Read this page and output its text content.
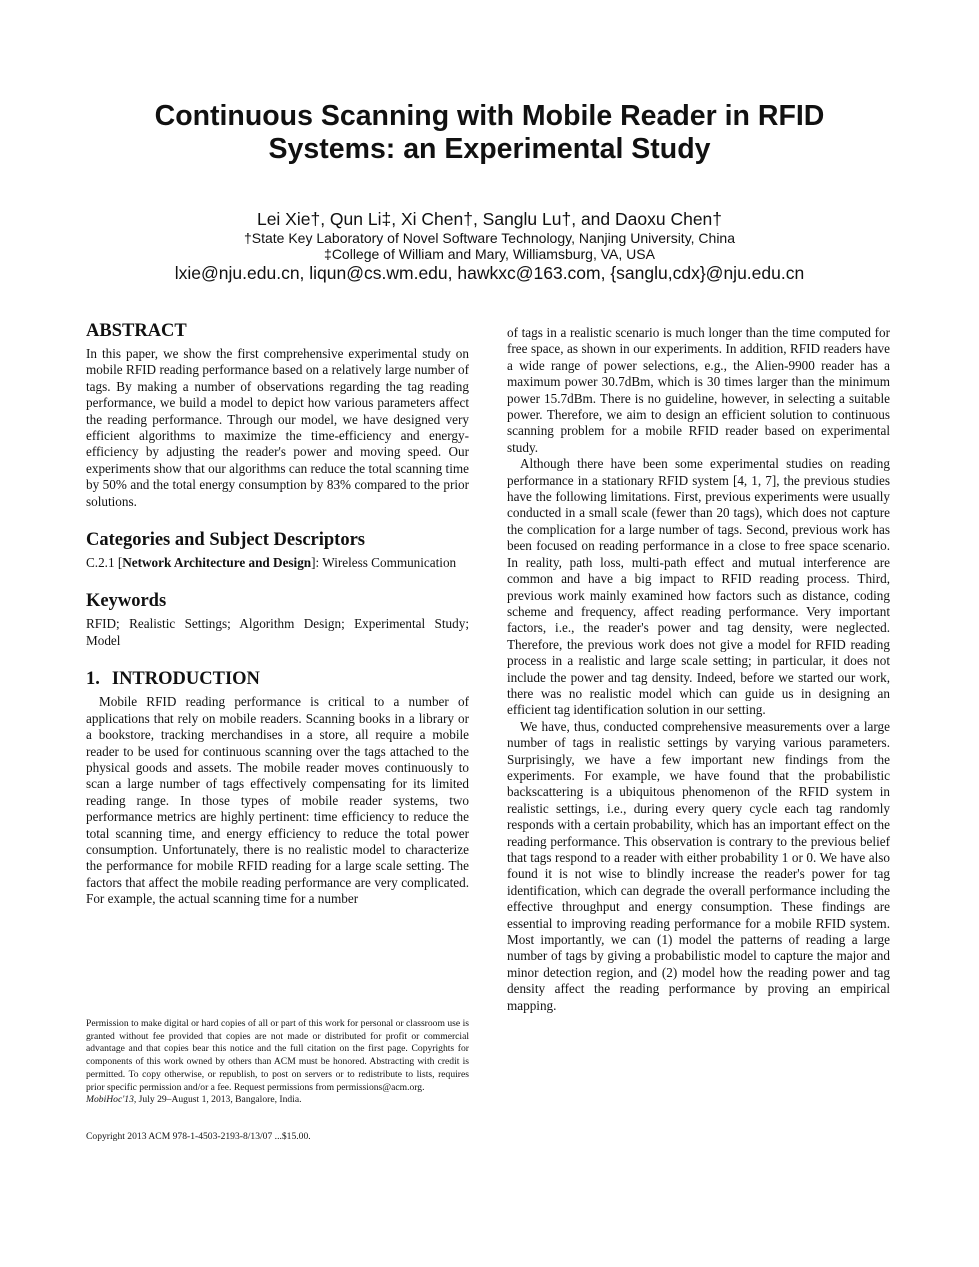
Continuous Scanning with Mobile Reader in RFID Systems: an Experimental Study
Lei Xie†, Qun Li‡, Xi Chen†, Sanglu Lu†, and Daoxu Chen†
†State Key Laboratory of Novel Software Technology, Nanjing University, China
‡College of William and Mary, Williamsburg, VA, USA
lxie@nju.edu.cn, liqun@cs.wm.edu, hawkxc@163.com, {sanglu,cdx}@nju.edu.cn
ABSTRACT

In this paper, we show the first comprehensive experimental study on mobile RFID reading performance based on a relatively large number of tags. By making a number of observations regarding the tag reading performance, we build a model to depict how various parameters affect the reading performance. Through our model, we have designed very efficient algorithms to maximize the time-efficiency and energy-efficiency by adjusting the reader's power and moving speed. Our experiments show that our algorithms can reduce the total scanning time by 50% and the total energy consumption by 83% compared to the prior solutions.

Categories and Subject Descriptors

C.2.1 [Network Architecture and Design]: Wireless Communication

Keywords

RFID; Realistic Settings; Algorithm Design; Experimental Study; Model

1. INTRODUCTION

Mobile RFID reading performance is critical to a number of applications that rely on mobile readers. Scanning books in a library or a bookstore, tracking merchandises in a store, all require a mobile reader to be used for continuous scanning over the tags attached to the physical goods and assets. The mobile reader moves continuously to scan a large number of tags effectively compensating for its limited reading range. In those types of mobile reader systems, two performance metrics are highly pertinent: time efficiency to reduce the total scanning time, and energy efficiency to reduce the total power consumption. Unfortunately, there is no realistic model to characterize the performance for mobile RFID reading for a large scale setting. The factors that affect the mobile reading performance are very complicated. For example, the actual scanning time for a number

Permission to make digital or hard copies of all or part of this work for personal or classroom use is granted without fee provided that copies are not made or distributed for profit or commercial advantage and that copies bear this notice and the full citation on the first page. Copyrights for components of this work owned by others than ACM must be honored. Abstracting with credit is permitted. To copy otherwise, or republish, to post on servers or to redistribute to lists, requires prior specific permission and/or a fee. Request permissions from permissions@acm.org.
MobiHoc'13, July 29–August 1, 2013, Bangalore, India.

Copyright 2013 ACM 978-1-4503-2193-8/13/07 ...$15.00.

of tags in a realistic scenario is much longer than the time computed for free space, as shown in our experiments. In addition, RFID readers have a wide range of power selections, e.g., the Alien-9900 reader has a maximum power 30.7dBm, which is 30 times larger than the minimum power 15.7dBm. There is no guideline, however, in selecting a suitable power. Therefore, we aim to design an efficient solution to continuous scanning problem for a mobile RFID reader based on experimental study.

Although there have been some experimental studies on reading performance in a stationary RFID system [4, 1, 7], the previous studies have the following limitations. First, previous experiments were usually conducted in a small scale (fewer than 20 tags), which does not capture the complication for a large number of tags. Second, previous work has been focused on reading performance in a close to free space scenario. In reality, path loss, multi-path effect and mutual interference are common and have a big impact to RFID reading process. Third, previous work mainly examined how factors such as distance, coding scheme and frequency, affect reading performance. Very important factors, i.e., the reader's power and tag density, were neglected. Therefore, the previous work does not give a model for RFID reading process in a realistic and large scale setting; in particular, it does not include the power and tag density. Indeed, before we started our work, there was no realistic model which can guide us in designing an efficient tag identification solution in our setting.

We have, thus, conducted comprehensive measurements over a large number of tags in realistic settings by varying various parameters. Surprisingly, we have a few important new findings from the experiments. For example, we have found that the probabilistic backscattering is a ubiquitous phenomenon of the RFID system in realistic settings, i.e., during every query cycle each tag randomly responds with a certain probability, which has an important effect on the reading performance. This observation is contrary to the previous belief that tags respond to a reader with either probability 1 or 0. We have also found it is not wise to blindly increase the reader's power for tag identification, which can degrade the overall performance including the effective throughput and energy consumption. These findings are essential to improving reading performance for a mobile RFID system. Most importantly, we can (1) model the patterns of reading a large number of tags by giving a probabilistic model to capture the major and minor detection region, and (2) model how the reading power and tag density affect the reading performance by proving an empirical mapping.
